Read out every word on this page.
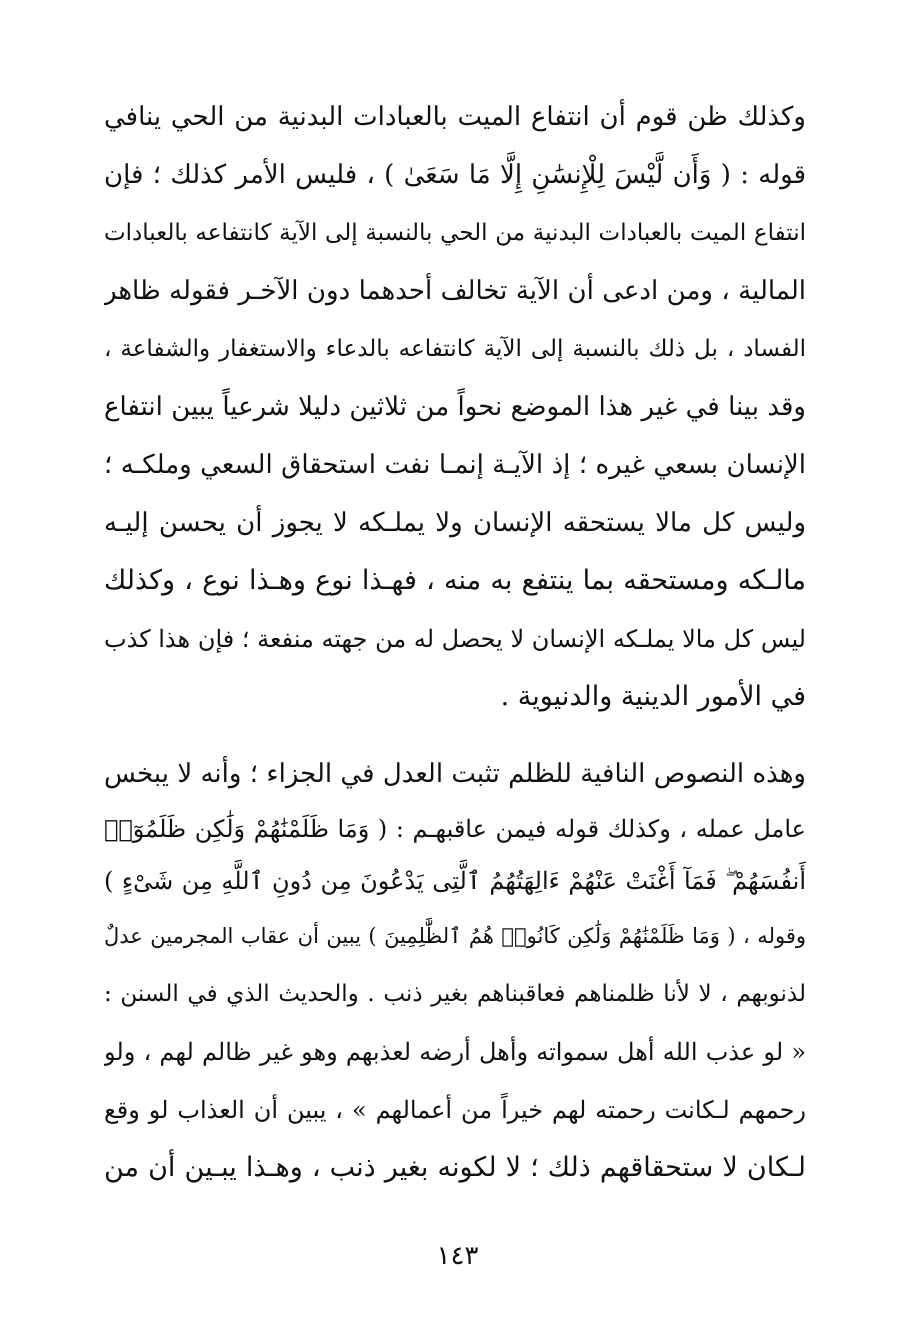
وكذلك ظن قوم أن انتفاع الميت بالعبادات البدنية من الحي ينافي
قوله : ( وَأَن لَّيْسَ لِلْإِنسَٰنِ إِلَّا مَا سَعَىٰ ) ، فليس الأمر كذلك ؛ فإن
انتفاع الميت بالعبادات البدنية من الحي بالنسبة إلى الآية كانتفاعه بالعبادات
المالية ، ومن ادعى أن الآية تخالف أحدهما دون الآخـر فقوله ظاهر
الفساد ، بل ذلك بالنسبة إلى الآية كانتفاعه بالدعاء والاستغفار والشفاعة ،
وقد بينا في غير هذا الموضع نحواً من ثلاثين دليلا شرعياً يبين انتفاع
الإنسان بسعي غيره ؛ إذ الآيـة إنمـا نفت استحقاق السعي وملكـه ؛
وليس كل مالا يستحقه الإنسان ولا يملـكه لا يجوز أن يحسن إليـه
مالـكه ومستحقه بما ينتفع به منه ، فهـذا نوع وهـذا نوع ، وكذلك
ليس كل مالا يملـكه الإنسان لا يحصل له من جهته منفعة ؛ فإن هذا كذب
في الأمور الدينية والدنيوية .
وهذه النصوص النافية للظلم تثبت العدل في الجزاء ؛ وأنه لا يبخس
عامل عمله ، وكذلك قوله فيمن عاقبهـم : ( وَمَا ظَلَمْنَٰهُمْ وَلَٰكِن ظَلَمُوٓا۟
أَنفُسَهُمْ ۖ فَمَآ أَغْنَتْ عَنْهُمْ ءَالِهَتُهُمُ ٱلَّتِى يَدْعُونَ مِن دُونِ ٱللَّهِ مِن شَىْءٍ )
وقوله ، ( وَمَا ظَلَمْنَٰهُمْ وَلَٰكِن كَانُوا۟ هُمُ ٱلظَّٰلِمِينَ ) يبين أن عقاب المجرمين عدلٌ
لذنوبهم ، لا لأنا ظلمناهم فعاقبناهم بغير ذنب . والحديث الذي في السنن :
« لو عذب الله أهل سمواته وأهل أرضه لعذبهم وهو غير ظالم لهم ، ولو
رحمهم لـكانت رحمته لهم خيراً من أعمالهم » ، يبين أن العذاب لو وقع
لـكان لا ستحقاقهم ذلك ؛ لا لكونه بغير ذنب ، وهـذا يبـين أن من
١٤٣
